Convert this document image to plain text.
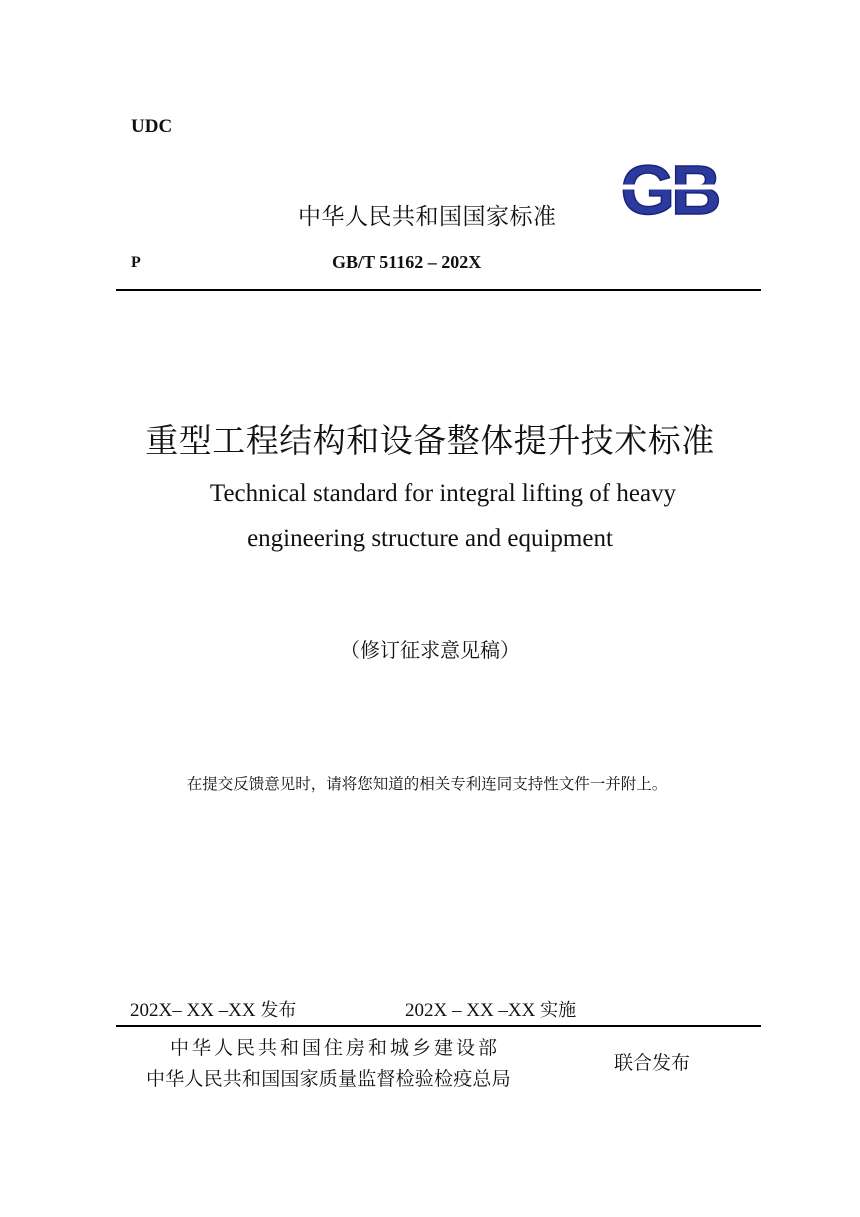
UDC
中华人民共和国国家标准 GB
P	GB/T 51162 – 202X
重型工程结构和设备整体提升技术标准
Technical standard for integral lifting of heavy
engineering structure and equipment
（修订征求意见稿）
在提交反馈意见时，请将您知道的相关专利连同支持性文件一并附上。
202X– XX –XX 发布	202X – XX –XX 实施
中华人民共和国住房和城乡建设部
中华人民共和国国家质量监督检验检疫总局
联合发布
